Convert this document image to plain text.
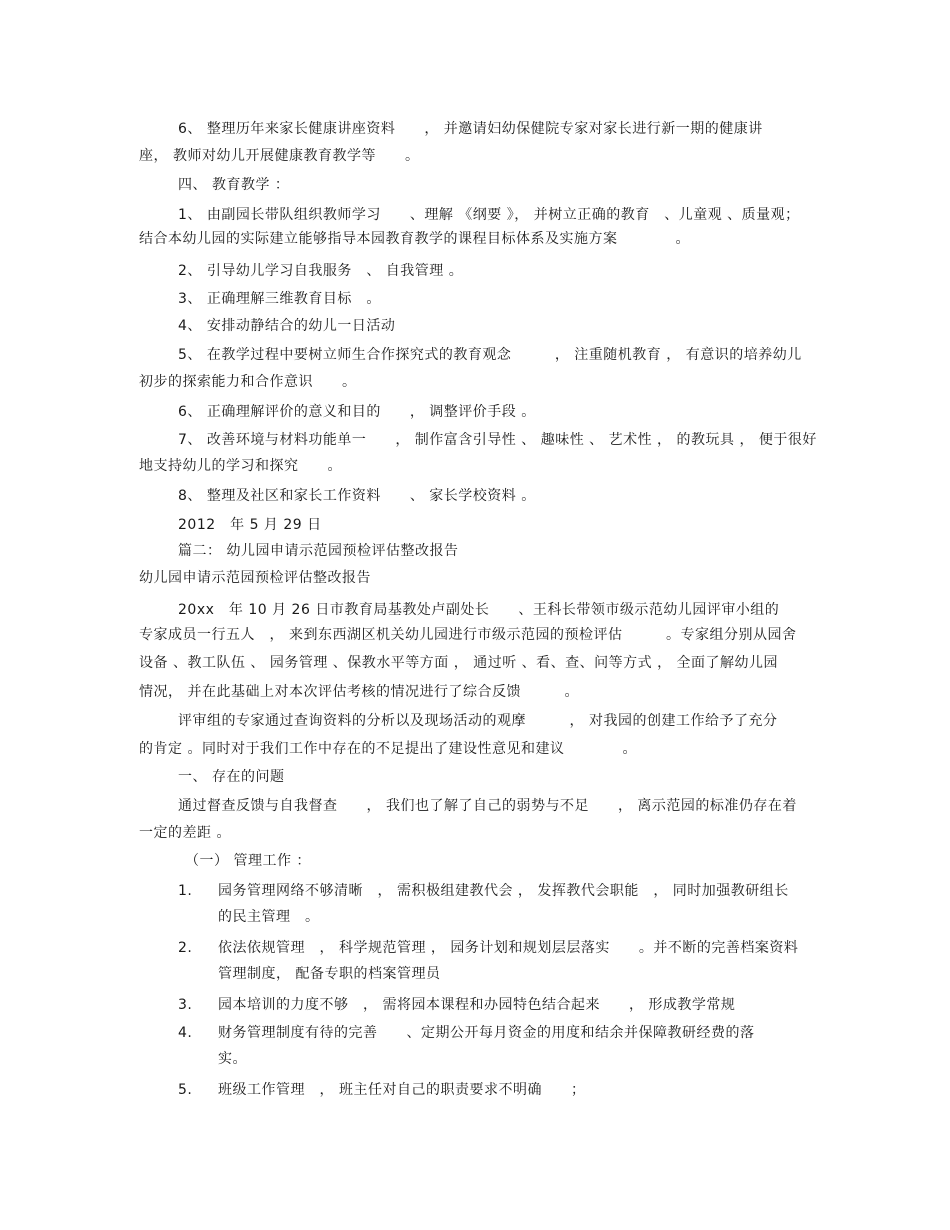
6、 整理历年来家长健康讲座资料　　， 并邀请妇幼保健院专家对家长进行新一期的健康讲
座， 教师对幼儿开展健康教育教学等　　。
四、 教育教学 ：
1、 由副园长带队组织教师学习　　、理解 《纲要 》， 并树立正确的教育　、儿童观 、质量观；
结合本幼儿园的实际建立能够指导本园教育教学的课程目标体系及实施方案　　　　。
2、 引导幼儿学习自我服务　、 自我管理 。
3、 正确理解三维教育目标　。
4、 安排动静结合的幼儿一日活动
5、 在教学过程中要树立师生合作探究式的教育观念　　　， 注重随机教育 ， 有意识的培养幼儿
初步的探索能力和合作意识　　。
6、 正确理解评价的意义和目的　　， 调整评价手段 。
7、 改善环境与材料功能单一　　， 制作富含引导性 、 趣味性 、 艺术性 ， 的教玩具 ， 便于很好
地支持幼儿的学习和探究　　。
8、 整理及社区和家长工作资料　　、 家长学校资料 。
2012　年 5 月 29 日
篇二： 幼儿园申请示范园预检评估整改报告
幼儿园申请示范园预检评估整改报告
20xx　年 10 月 26 日市教育局基教处卢副处长　　、王科长带领市级示范幼儿园评审小组的
专家成员一行五人　， 来到东西湖区机关幼儿园进行市级示范园的预检评估　　　。专家组分别从园舍
设备 、教工队伍 、 园务管理 、保教水平等方面 ， 通过听 、看、查、问等方式 ， 全面了解幼儿园
情况， 并在此基础上对本次评估考核的情况进行了综合反馈　　　。
评审组的专家通过查询资料的分析以及现场活动的观摩　　　， 对我园的创建工作给予了充分
的肯定 。同时对于我们工作中存在的不足提出了建设性意见和建议　　　　。
一、 存在的问题
通过督查反馈与自我督查　　， 我们也了解了自己的弱势与不足　　， 离示范园的标准仍存在着
一定的差距 。
（一） 管理工作 ：
1. 园务管理网络不够清晰　， 需积极组建教代会 ， 发挥教代会职能　， 同时加强教研组长
的民主管理　。
2. 依法依规管理　， 科学规范管理 ， 园务计划和规划层层落实　　。并不断的完善档案资料
管理制度， 配备专职的档案管理员
3. 园本培训的力度不够　， 需将园本课程和办园特色结合起来　　， 形成教学常规
4. 财务管理制度有待的完善　　、定期公开每月资金的用度和结余并保障教研经费的落
实。
5. 班级工作管理　， 班主任对自己的职责要求不明确　　；
